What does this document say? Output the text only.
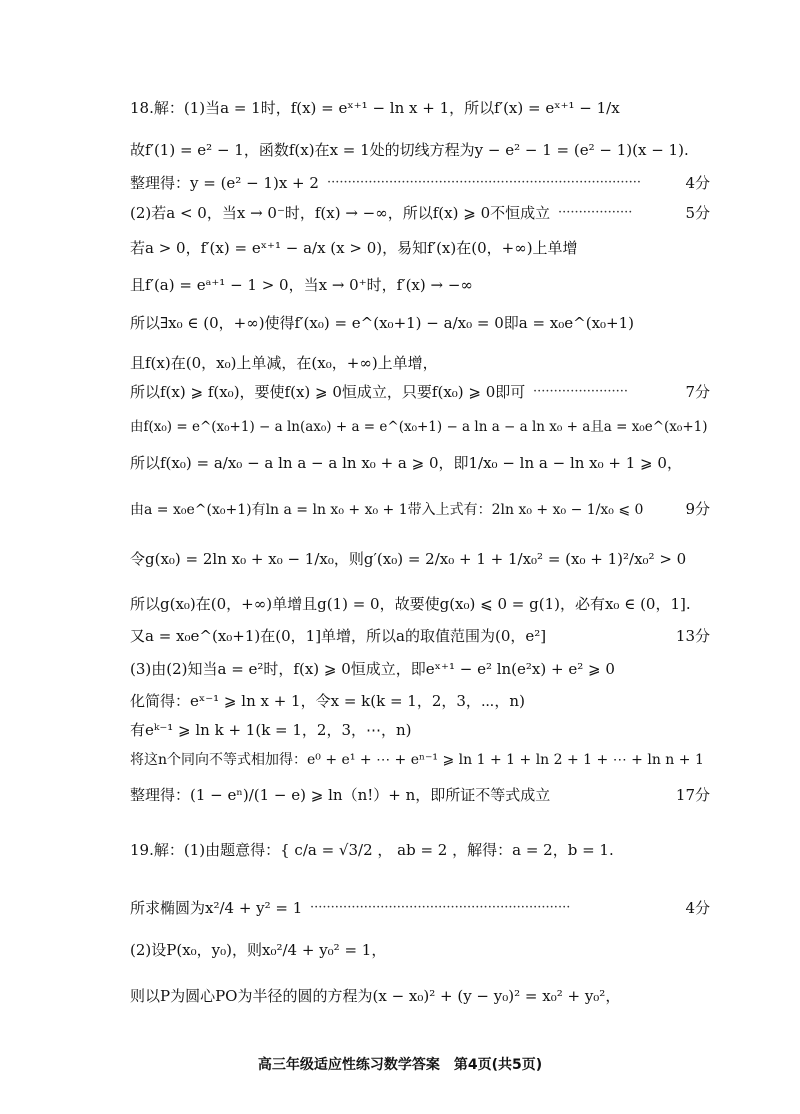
18.解：(1)当a = 1时，f(x) = eˣ⁺¹ − ln x + 1，所以f′(x) = eˣ⁺¹ − 1/x
故f′(1) = e² − 1，函数f(x)在x = 1处的切线方程为y − e² − 1 = (e² − 1)(x − 1).
整理得：y = (e² − 1)x + 2 ············································································	4分
(2)若a < 0，当x → 0⁻时，f(x) → −∞，所以f(x) ⩾ 0不恒成立 ··················	5分
若a > 0，f′(x) = eˣ⁺¹ − a/x (x > 0)，易知f′(x)在(0，+∞)上单增
且f′(a) = eᵃ⁺¹ − 1 > 0，当x → 0⁺时，f′(x) → −∞
所以∃x₀ ∈ (0，+∞)使得f′(x₀) = e^(x₀+1) − a/x₀ = 0即a = x₀e^(x₀+1)
且f(x)在(0，x₀)上单减，在(x₀，+∞)上单增，
所以f(x) ⩾ f(x₀)，要使f(x) ⩾ 0恒成立，只要f(x₀) ⩾ 0即可 ·······················	7分
由f(x₀) = e^(x₀+1) − a ln(ax₀) + a = e^(x₀+1) − a ln a − a ln x₀ + a且a = x₀e^(x₀+1)
所以f(x₀) = a/x₀ − a ln a − a ln x₀ + a ⩾ 0，即1/x₀ − ln a − ln x₀ + 1 ⩾ 0，
由a = x₀e^(x₀+1)有ln a = ln x₀ + x₀ + 1带入上式有：2ln x₀ + x₀ − 1/x₀ ⩽ 0	9分
令g(x₀) = 2ln x₀ + x₀ − 1/x₀，则g′(x₀) = 2/x₀ + 1 + 1/x₀² = (x₀ + 1)²/x₀² > 0
所以g(x₀)在(0，+∞)单增且g(1) = 0，故要使g(x₀) ⩽ 0 = g(1)，必有x₀ ∈ (0，1].
又a = x₀e^(x₀+1)在(0，1]单增，所以a的取值范围为(0，e²]	13分
(3)由(2)知当a = e²时，f(x) ⩾ 0恒成立，即eˣ⁺¹ − e² ln(e²x) + e² ⩾ 0
化简得：eˣ⁻¹ ⩾ ln x + 1，令x = k(k = 1，2，3，⋯，n)
有eᵏ⁻¹ ⩾ ln k + 1(k = 1，2，3，⋯，n)
将这n个同向不等式相加得：e⁰ + e¹ + ⋯ + eⁿ⁻¹ ⩾ ln 1 + 1 + ln 2 + 1 + ⋯ + ln n + 1
整理得：(1 − eⁿ)/(1 − e) ⩾ ln（n!）+ n，即所证不等式成立	17分
19.解：(1)由题意得：{ c/a = √3/2 ， ab = 2 ，解得：a = 2，b = 1.
所求椭圆为x²/4 + y² = 1 ·······························································	4分
(2)设P(x₀，y₀)，则x₀²/4 + y₀² = 1，
则以P为圆心PO为半径的圆的方程为(x − x₀)² + (y − y₀)² = x₀² + y₀²，
高三年级适应性练习数学答案　第4页(共5页)
